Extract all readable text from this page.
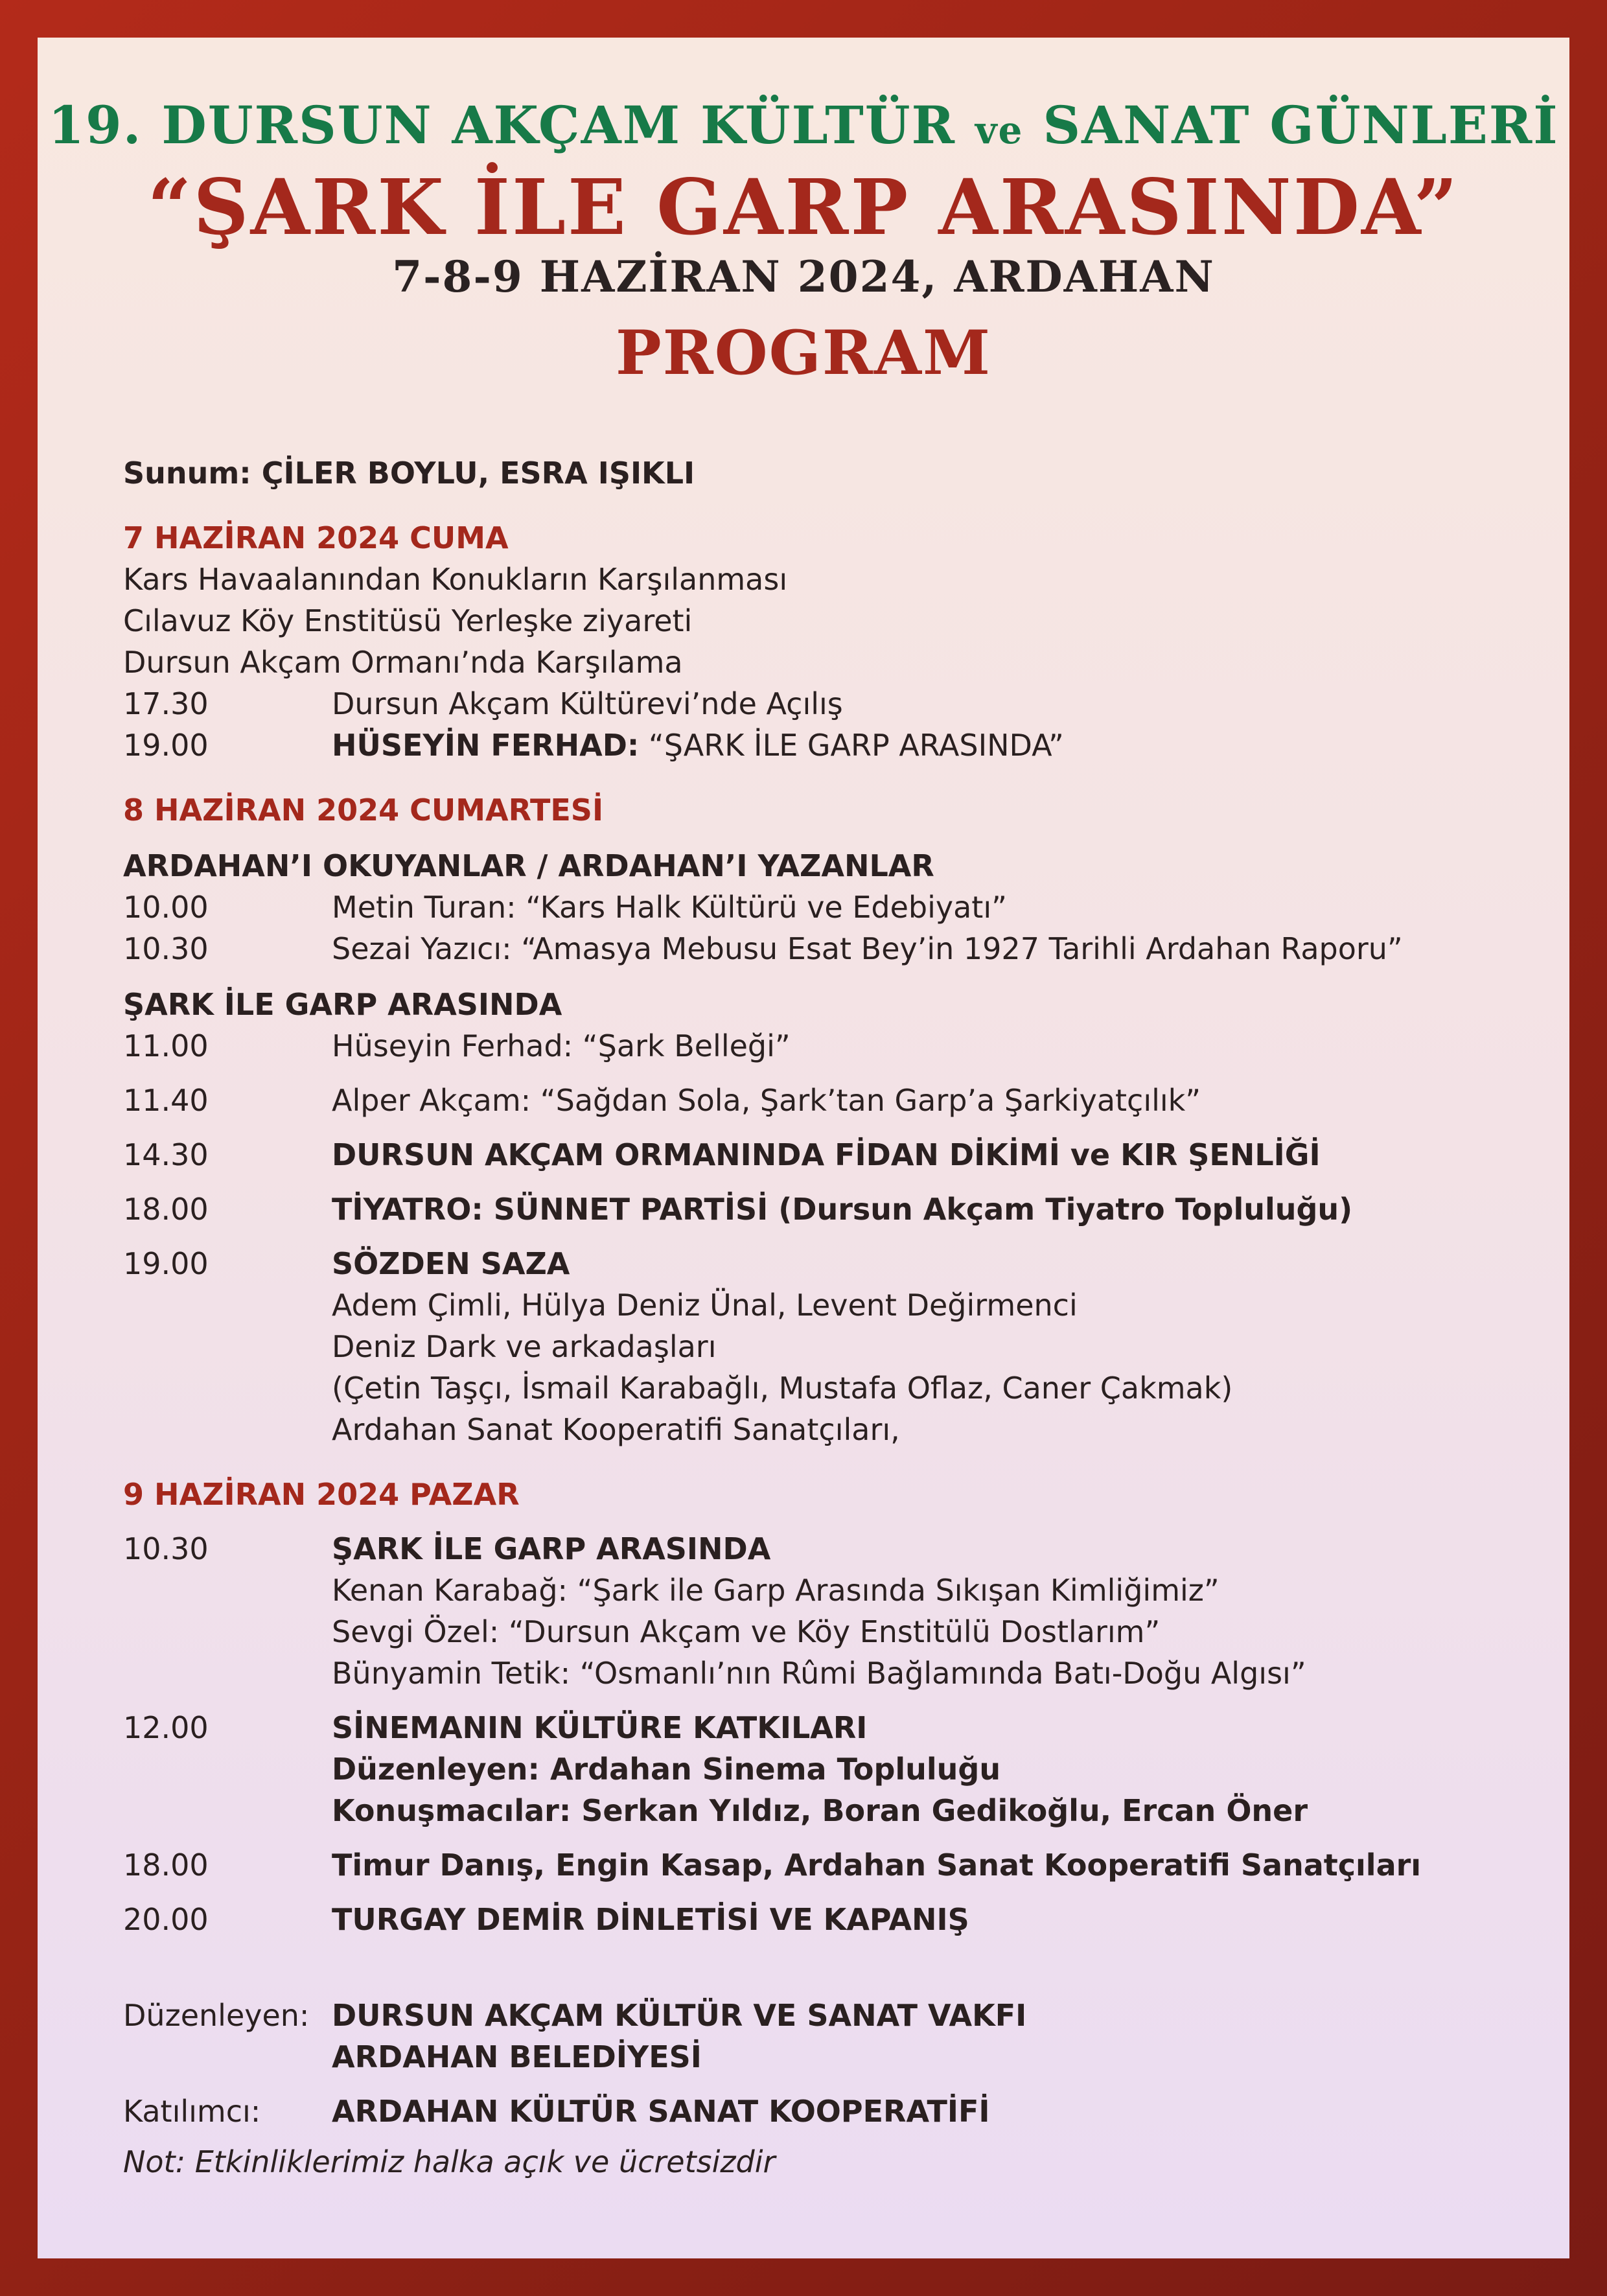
19. DURSUN AKÇAM KÜLTÜR ve SANAT GÜNLERİ
“ŞARK İLE GARP ARASINDA”
7-8-9 HAZİRAN 2024, ARDAHAN
PROGRAM
Sunum: ÇİLER BOYLU, ESRA IŞIKLI
7 HAZİRAN 2024 CUMA
Kars Havaalanından Konukların Karşılanması
Cılavuz Köy Enstitüsü Yerleşke ziyareti
Dursun Akçam Ormanı’nda Karşılama
17.30	Dursun Akçam Kültürevi’nde Açılış
19.00	HÜSEYİN FERHAD: “ŞARK İLE GARP ARASINDA”
8 HAZİRAN 2024 CUMARTESİ
ARDAHAN’I OKUYANLAR / ARDAHAN’I YAZANLAR
10.00	Metin Turan: “Kars Halk Kültürü ve Edebiyatı”
10.30	Sezai Yazıcı: “Amasya Mebusu Esat Bey’in 1927 Tarihli Ardahan Raporu”
ŞARK İLE GARP ARASINDA
11.00	Hüseyin Ferhad: “Şark Belleği”
11.40	Alper Akçam: “Sağdan Sola, Şark’tan Garp’a Şarkiyatçılık”
14.30	DURSUN AKÇAM ORMANINDA FİDAN DİKİMİ ve KIR ŞENLİĞİ
18.00	TİYATRO: SÜNNET PARTİSİ (Dursun Akçam Tiyatro Topluluğu)
19.00	SÖZDEN SAZA
Adem Çimli, Hülya Deniz Ünal, Levent Değirmenci
Deniz Dark ve arkadaşları
(Çetin Taşçı, İsmail Karabağlı, Mustafa Oflaz, Caner Çakmak)
Ardahan Sanat Kooperatifi Sanatçıları,
9 HAZİRAN 2024 PAZAR
10.30	ŞARK İLE GARP ARASINDA
Kenan Karabağ: “Şark ile Garp Arasında Sıkışan Kimliğimiz”
Sevgi Özel: “Dursun Akçam ve Köy Enstitülü Dostlarım”
Bünyamin Tetik: “Osmanlı’nın Rûmi Bağlamında Batı-Doğu Algısı”
12.00	SİNEMANIN KÜLTÜRE KATKILARI
Düzenleyen: Ardahan Sinema Topluluğu
Konuşmacılar: Serkan Yıldız, Boran Gedikoğlu, Ercan Öner
18.00	Timur Danış, Engin Kasap, Ardahan Sanat Kooperatifi Sanatçıları
20.00	TURGAY DEMİR DİNLETİSİ VE KAPANIŞ
Düzenleyen: DURSUN AKÇAM KÜLTÜR VE SANAT VAKFI
ARDAHAN BELEDİYESİ
Katılımcı:	ARDAHAN KÜLTÜR SANAT KOOPERATİFİ
Not: Etkinliklerimiz halka açık ve ücretsizdir
